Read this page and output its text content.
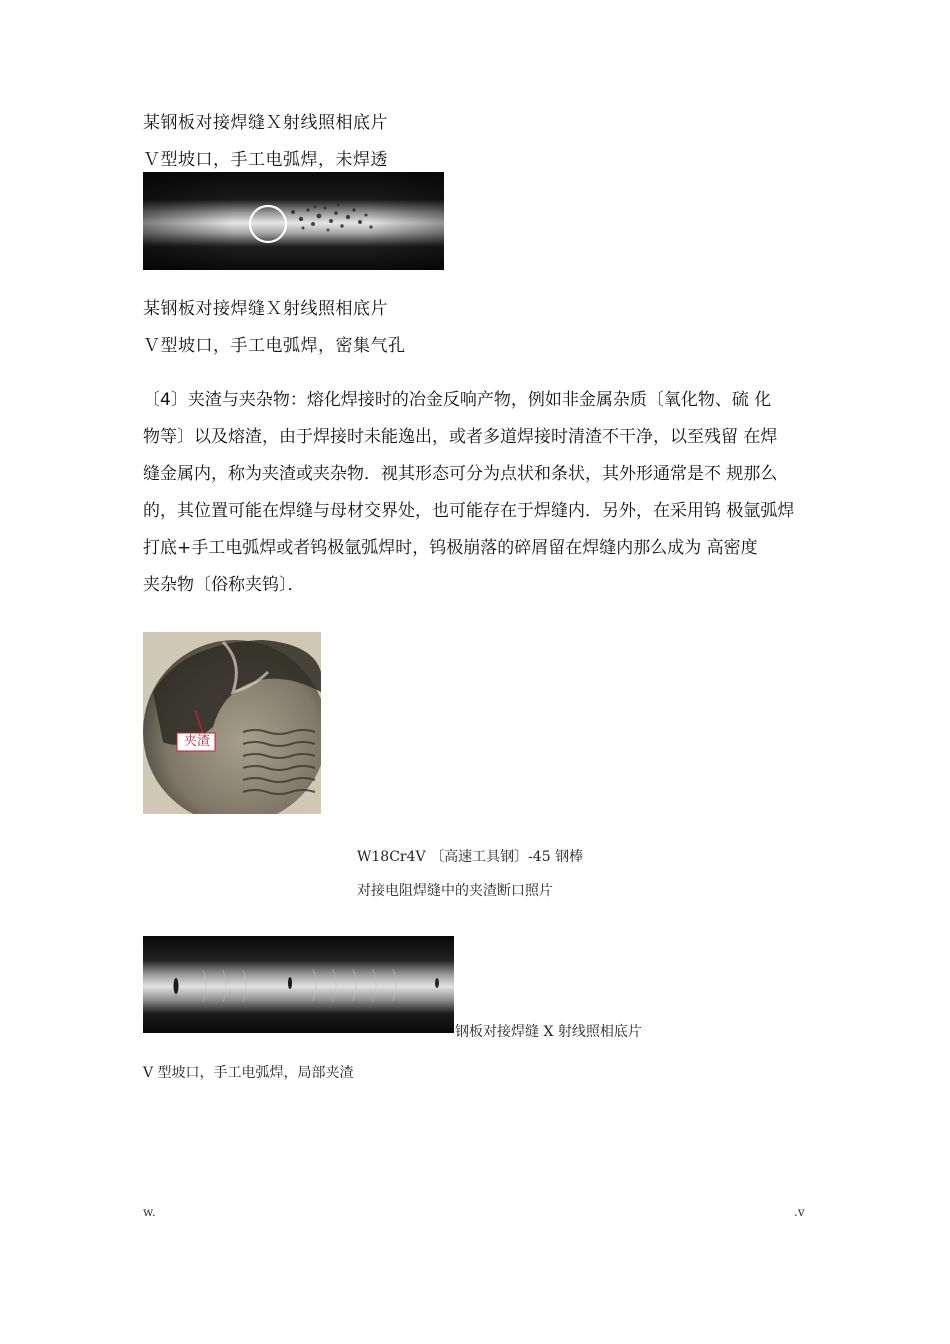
某钢板对接焊缝Ｘ射线照相底片
Ｖ型坡口，手工电弧焊，未焊透
某钢板对接焊缝Ｘ射线照相底片
Ｖ型坡口，手工电弧焊，密集气孔

〔4〕夹渣与夹杂物：熔化焊接时的冶金反响产物，例如非金属杂质〔氧化物、硫 化

物等〕以及熔渣，由于焊接时未能逸出，或者多道焊接时清渣不干净，以至残留 在焊

缝金属内，称为夹渣或夹杂物．视其形态可分为点状和条状，其外形通常是不 规那么

的，其位置可能在焊缝与母材交界处，也可能存在于焊缝内．另外，在采用钨 极氩弧焊

打底+手工电弧焊或者钨极氩弧焊时，钨极崩落的碎屑留在焊缝内那么成为 高密度

夹杂物〔俗称夹钨〕．

夹渣
W18Cr4V 〔高速工具钢〕-45 钢棒
对接电阻焊缝中的夹渣断口照片
钢板对接焊缝 X 射线照相底片
V 型坡口，手工电弧焊，局部夹渣
w.	.v
